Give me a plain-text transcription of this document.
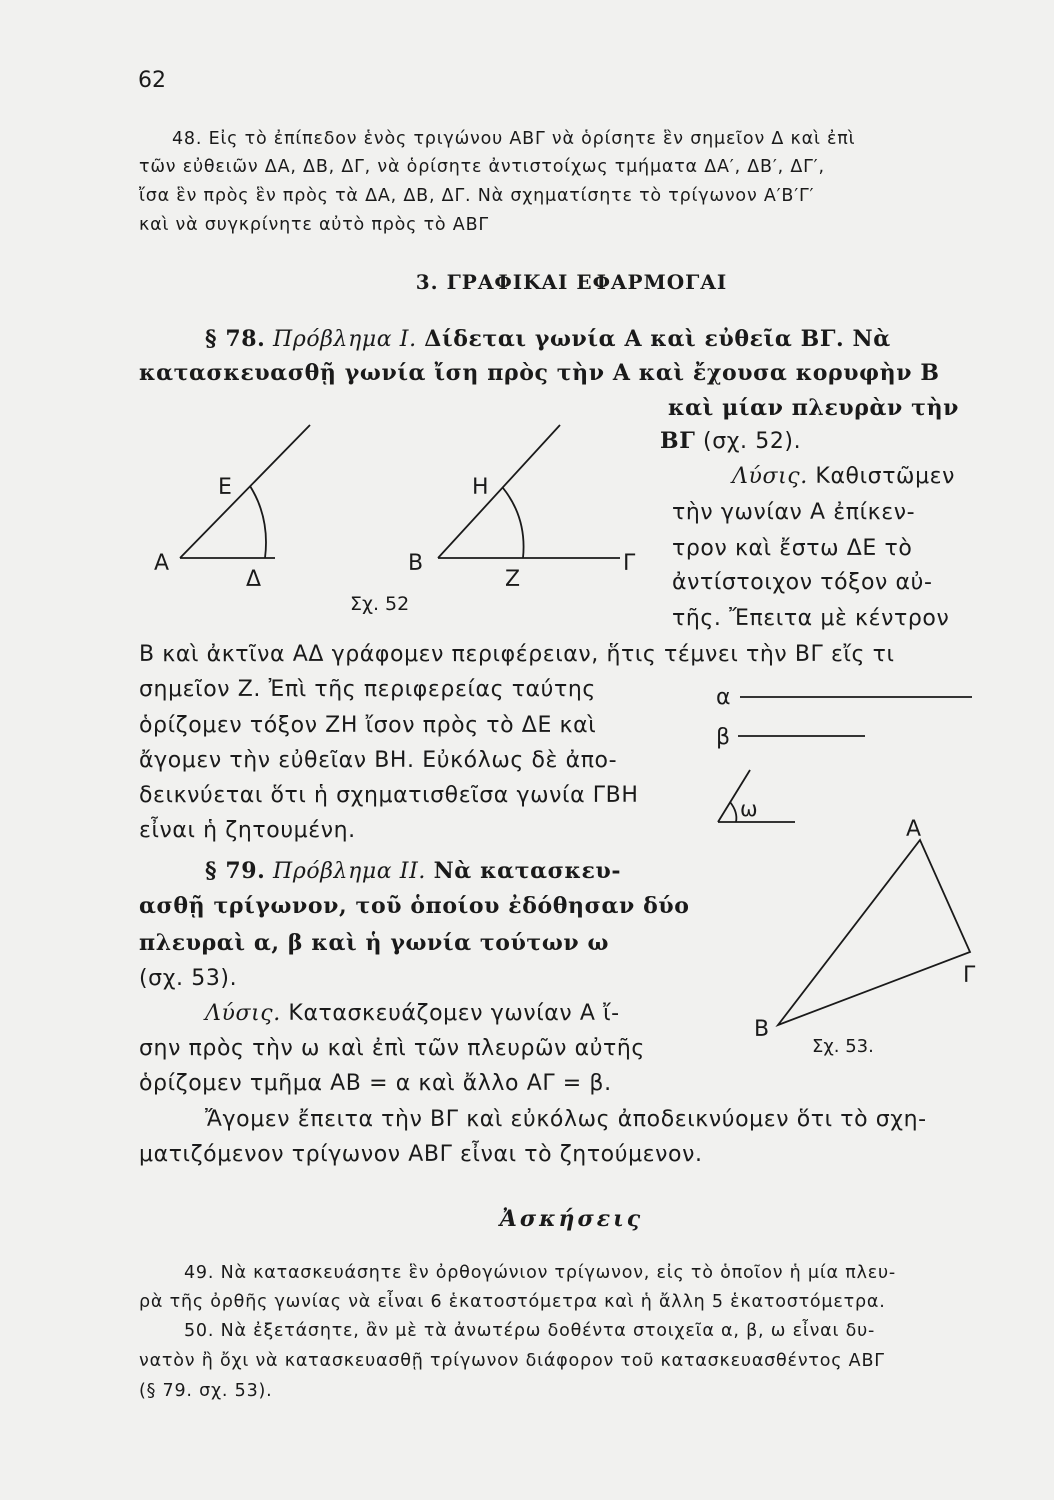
62
48. Εἰς τὸ ἐπίπεδον ἑνὸς τριγώνου ΑΒΓ νὰ ὁρίσητε ἓν σημεῖον Δ καὶ ἐπὶ
τῶν εὐθειῶν ΔΑ, ΔΒ, ΔΓ, νὰ ὁρίσητε ἀντιστοίχως τμήματα ΔΑ′, ΔΒ′, ΔΓ′,
ἴσα ἓν πρὸς ἓν πρὸς τὰ ΔΑ, ΔΒ, ΔΓ. Νὰ σχηματίσητε τὸ τρίγωνον Α′Β′Γ′
καὶ νὰ συγκρίνητε αὐτὸ πρὸς τὸ ΑΒΓ
3. ΓΡΑΦΙΚΑΙ ΕΦΑΡΜΟΓΑΙ
§ 78. Πρόβλημα Ι. Δίδεται γωνία Α καὶ εὐθεῖα ΒΓ. Νὰ
κατασκευασθῇ γωνία ἴση πρὸς τὴν Α καὶ ἔχουσα κορυφὴν Β
καὶ μίαν πλευρὰν τὴν
ΒΓ (σχ. 52).
Λύσις. Καθιστῶμεν
τὴν γωνίαν Α ἐπίκεν-
τρον καὶ ἔστω ΔΕ τὸ
ἀντίστοιχον τόξον αὐ-
τῆς. Ἔπειτα μὲ κέντρον
Β καὶ ἀκτῖνα ΑΔ γράφομεν περιφέρειαν, ἥτις τέμνει τὴν ΒΓ εἴς τι
σημεῖον Ζ. Ἐπὶ τῆς περιφερείας ταύτης
ὁρίζομεν τόξον ΖΗ ἴσον πρὸς τὸ ΔΕ καὶ
ἄγομεν τὴν εὐθεῖαν ΒΗ. Εὐκόλως δὲ ἀπο-
δεικνύεται ὅτι ἡ σχηματισθεῖσα γωνία ΓΒΗ
εἶναι ἡ ζητουμένη.
Ε
Α
Δ
Η
Β
Ζ
Γ
Σχ. 52
§ 79. Πρόβλημα ΙΙ. Νὰ κατασκευ-
ασθῇ τρίγωνον, τοῦ ὁποίου ἐδόθησαν δύο
πλευραὶ α, β καὶ ἡ γωνία τούτων ω
(σχ. 53).
Λύσις. Κατασκευάζομεν γωνίαν Α ἴ-
σην πρὸς τὴν ω καὶ ἐπὶ τῶν πλευρῶν αὐτῆς
ὁρίζομεν τμῆμα ΑΒ = α καὶ ἄλλο ΑΓ = β.
Ἄγομεν ἔπειτα τὴν ΒΓ καὶ εὐκόλως ἀποδεικνύομεν ὅτι τὸ σχη-
ματιζόμενον τρίγωνον ΑΒΓ εἶναι τὸ ζητούμενον.
α
β
ω
Α
Γ
Β
Σχ. 53.
Ἀσκήσεις
49. Νὰ κατασκευάσητε ἓν ὀρθογώνιον τρίγωνον, εἰς τὸ ὁποῖον ἡ μία πλευ-
ρὰ τῆς ὀρθῆς γωνίας νὰ εἶναι 6 ἑκατοστόμετρα καὶ ἡ ἄλλη 5 ἑκατοστόμετρα.
50. Νὰ ἐξετάσητε, ἂν μὲ τὰ ἀνωτέρω δοθέντα στοιχεῖα α, β, ω εἶναι δυ-
νατὸν ἢ ὄχι νὰ κατασκευασθῇ τρίγωνον διάφορον τοῦ κατασκευασθέντος ΑΒΓ
(§ 79. σχ. 53).
